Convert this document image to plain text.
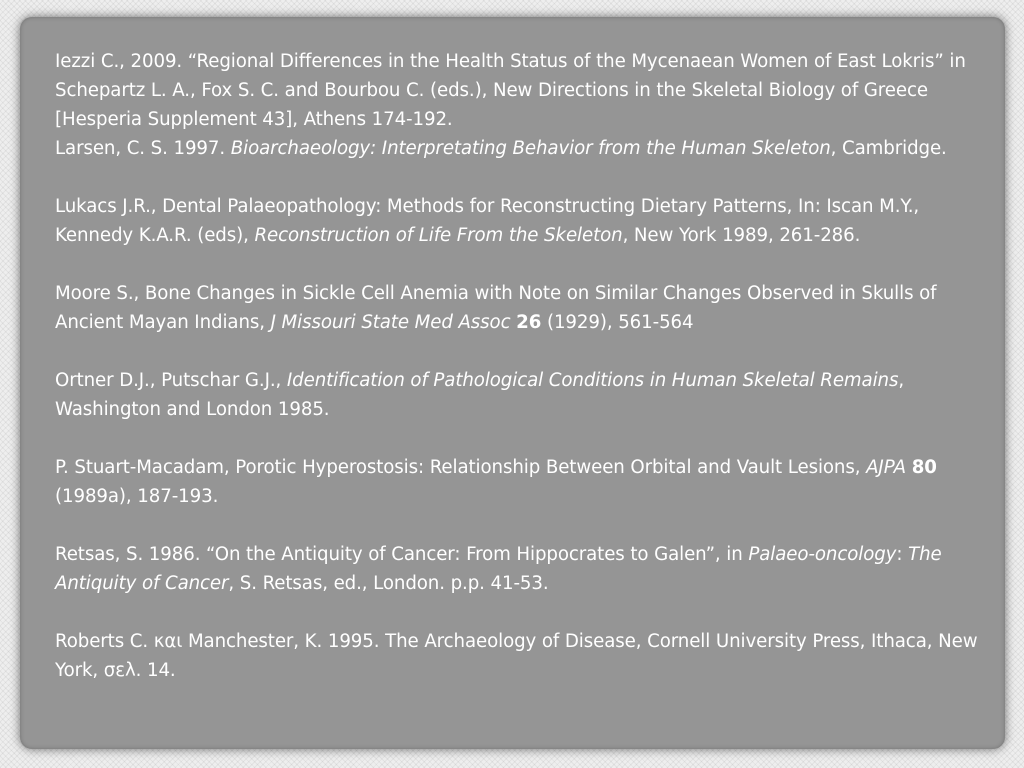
Iezzi C., 2009. “Regional Differences in the Health Status of the Mycenaean Women of East Lokris” in Schepartz L. A., Fox S. C. and Bourbou C. (eds.), New Directions in the Skeletal Biology of Greece [Hesperia Supplement 43], Athens 174-192.

Larsen, C. S. 1997. Bioarchaeology: Interpretating Behavior from the Human Skeleton, Cambridge.

Lukacs J.R., Dental Palaeopathology: Methods for Reconstructing Dietary Patterns, In: Iscan M.Y., Kennedy K.A.R. (eds), Reconstruction of Life From the Skeleton, New York 1989, 261-286.

Moore S., Bone Changes in Sickle Cell Anemia with Note on Similar Changes Observed in Skulls of Ancient Mayan Indians, J Missouri State Med Assoc 26 (1929), 561-564

Ortner D.J., Putschar G.J., Identification of Pathological Conditions in Human Skeletal Remains, Washington and London 1985.

P. Stuart-Macadam, Porotic Hyperostosis: Relationship Between Orbital and Vault Lesions, AJPA 80 (1989a), 187-193.

Retsas, S. 1986. “On the Antiquity of Cancer: From Hippocrates to Galen”, in Palaeo-oncology: The Antiquity of Cancer, S. Retsas, ed., London. p.p. 41-53.

Roberts C. και Manchester, K. 1995. The Archaeology of Disease, Cornell University Press, Ithaca, New York, σελ. 14.
